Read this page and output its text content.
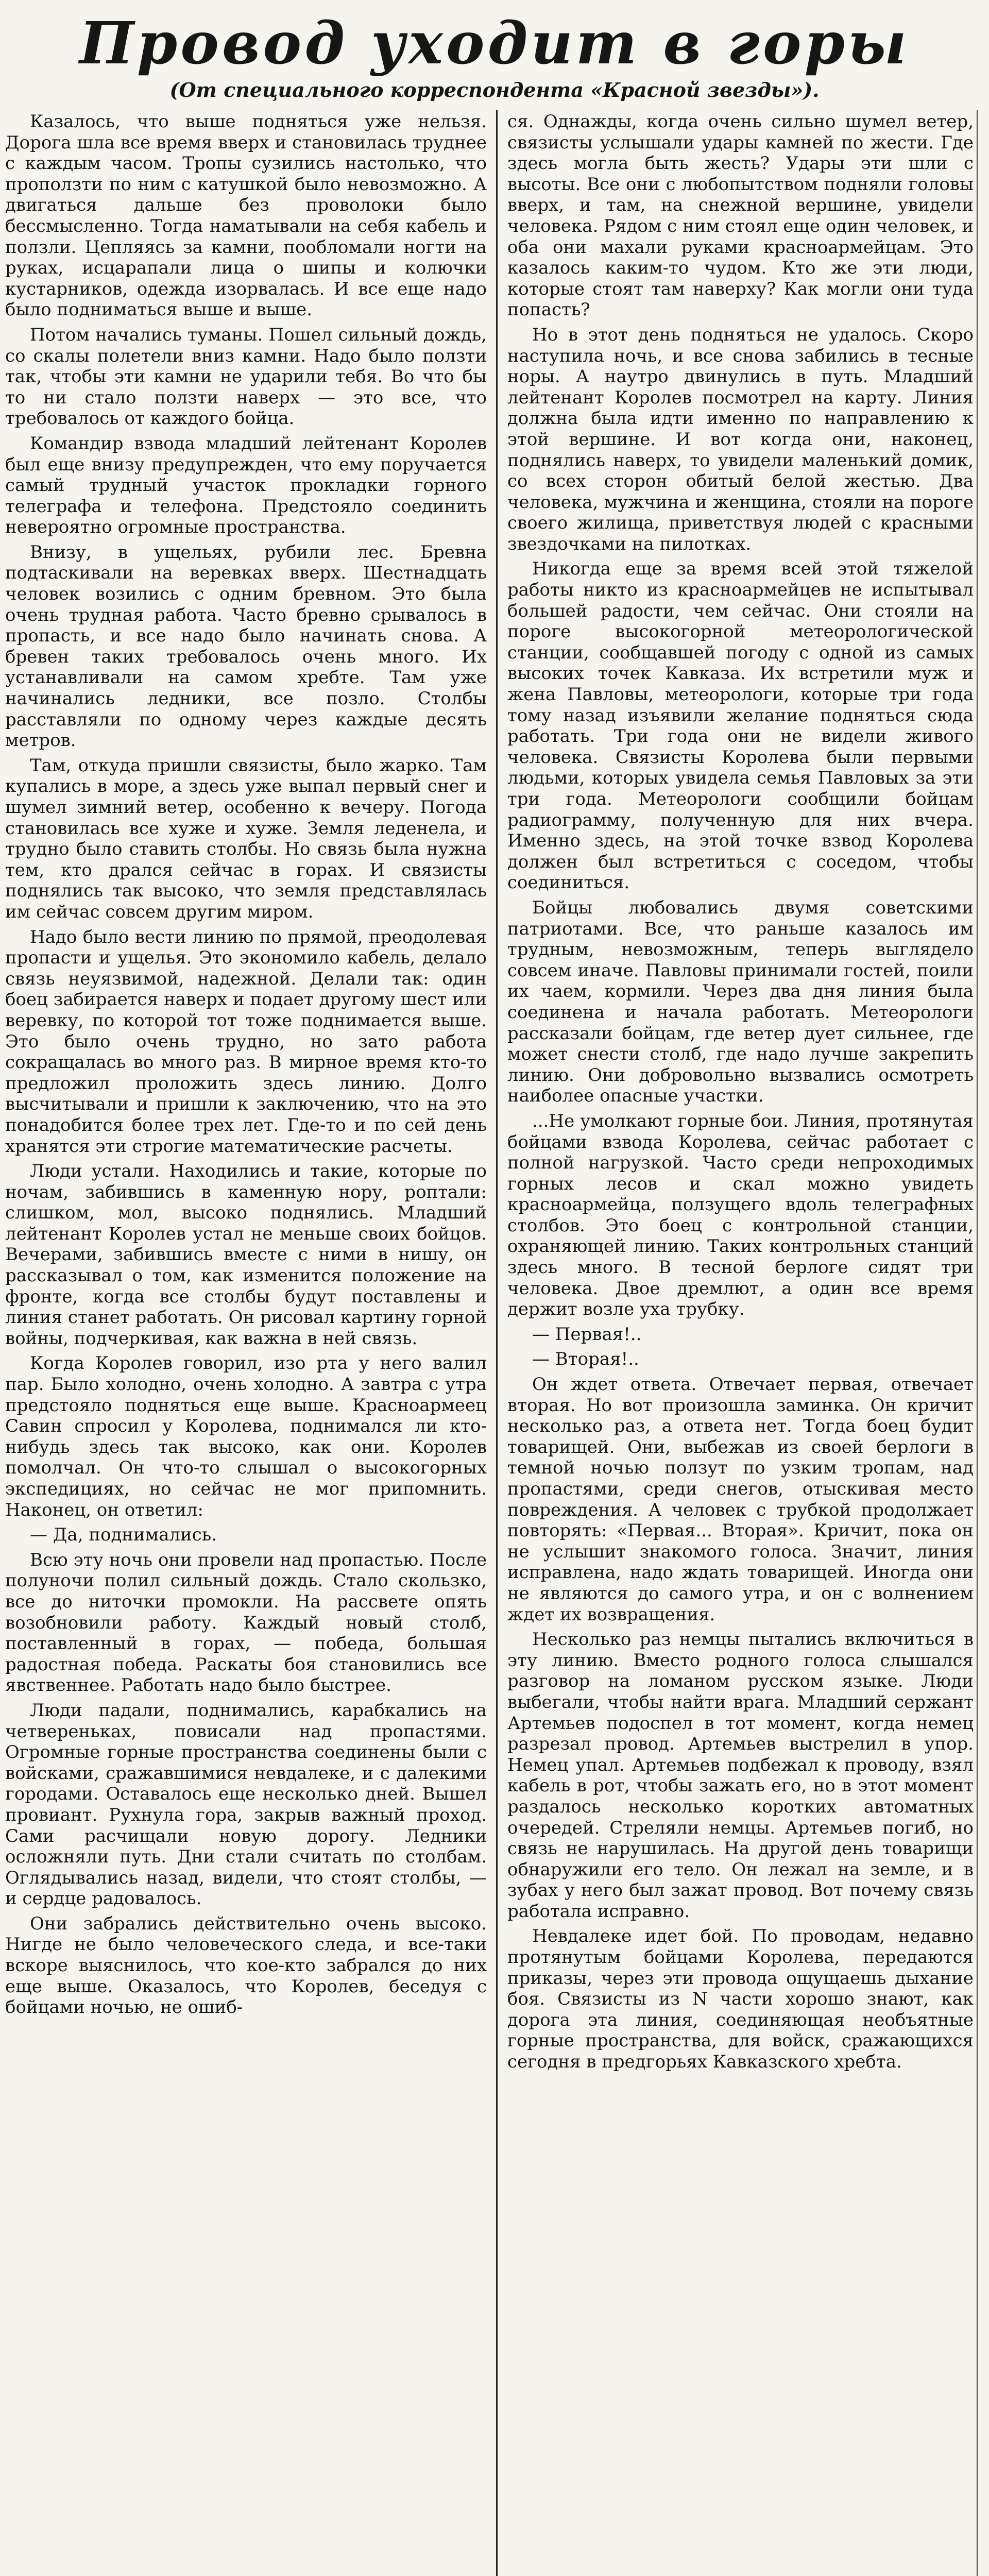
Провод уходит в горы

(От специального корреспондента «Красной звезды»).

Казалось, что выше подняться уже нельзя. Дорога шла все время вверх и становилась труднее с каждым часом. Тропы сузились настолько, что проползти по ним с катушкой было невозможно. А двигаться дальше без проволоки было бессмысленно. Тогда наматывали на себя кабель и ползли. Цепляясь за камни, пообломали ногти на руках, исцарапали лица о шипы и колючки кустарников, одежда изорвалась. И все еще надо было подниматься выше и выше.

Потом начались туманы. Пошел сильный дождь, со скалы полетели вниз камни. Надо было ползти так, чтобы эти камни не ударили тебя. Во что бы то ни стало ползти наверх — это все, что требовалось от каждого бойца.

Командир взвода младший лейтенант Королев был еще внизу предупрежден, что ему поручается самый трудный участок прокладки горного телеграфа и телефона. Предстояло соединить невероятно огромные пространства.

Внизу, в ущельях, рубили лес. Бревна подтаскивали на веревках вверх. Шестнадцать человек возились с одним бревном. Это была очень трудная работа. Часто бревно срывалось в пропасть, и все надо было начинать снова. А бревен таких требовалось очень много. Их устанавливали на самом хребте. Там уже начинались ледники, все позло. Столбы расставляли по одному через каждые десять метров.

Там, откуда пришли связисты, было жарко. Там купались в море, а здесь уже выпал первый снег и шумел зимний ветер, особенно к вечеру. Погода становилась все хуже и хуже. Земля леденела, и трудно было ставить столбы. Но связь была нужна тем, кто дрался сейчас в горах. И связисты поднялись так высоко, что земля представлялась им сейчас совсем другим миром.

Надо было вести линию по прямой, преодолевая пропасти и ущелья. Это экономило кабель, делало связь неуязвимой, надежной. Делали так: один боец забирается наверх и подает другому шест или веревку, по которой тот тоже поднимается выше. Это было очень трудно, но зато работа сокращалась во много раз. В мирное время кто-то предложил проложить здесь линию. Долго высчитывали и пришли к заключению, что на это понадобится более трех лет. Где-то и по сей день хранятся эти строгие математические расчеты.

Люди устали. Находились и такие, которые по ночам, забившись в каменную нору, роптали: слишком, мол, высоко поднялись. Младший лейтенант Королев устал не меньше своих бойцов. Вечерами, забившись вместе с ними в нишу, он рассказывал о том, как изменится положение на фронте, когда все столбы будут поставлены и линия станет работать. Он рисовал картину горной войны, подчеркивая, как важна в ней связь.

Когда Королев говорил, изо рта у него валил пар. Было холодно, очень холодно. А завтра с утра предстояло подняться еще выше. Красноармеец Савин спросил у Королева, поднимался ли кто-нибудь здесь так высоко, как они. Королев помолчал. Он что-то слышал о высокогорных экспедициях, но сейчас не мог припомнить. Наконец, он ответил:

— Да, поднимались.

Всю эту ночь они провели над пропастью. После полуночи полил сильный дождь. Стало скользко, все до ниточки промокли. На рассвете опять возобновили работу. Каждый новый столб, поставленный в горах, — победа, большая радостная победа. Раскаты боя становились все явственнее. Работать надо было быстрее.

Люди падали, поднимались, карабкались на четвереньках, повисали над пропастями. Огромные горные пространства соединены были с войсками, сражавшимися невдалеке, и с далекими городами. Оставалось еще несколько дней. Вышел провиант. Рухнула гора, закрыв важный проход. Сами расчищали новую дорогу. Ледники осложняли путь. Дни стали считать по столбам. Оглядывались назад, видели, что стоят столбы, — и сердце радовалось.

Они забрались действительно очень высоко. Нигде не было человеческого следа, и все-таки вскоре выяснилось, что кое-кто забрался до них еще выше. Оказалось, что Королев, беседуя с бойцами ночью, не ошиб-

ся. Однажды, когда очень сильно шумел ветер, связисты услышали удары камней по жести. Где здесь могла быть жесть? Удары эти шли с высоты. Все они с любопытством подняли головы вверх, и там, на снежной вершине, увидели человека. Рядом с ним стоял еще один человек, и оба они махали руками красноармейцам. Это казалось каким-то чудом. Кто же эти люди, которые стоят там наверху? Как могли они туда попасть?

Но в этот день подняться не удалось. Скоро наступила ночь, и все снова забились в тесные норы. А наутро двинулись в путь. Младший лейтенант Королев посмотрел на карту. Линия должна была идти именно по направлению к этой вершине. И вот когда они, наконец, поднялись наверх, то увидели маленький домик, со всех сторон обитый белой жестью. Два человека, мужчина и женщина, стояли на пороге своего жилища, приветствуя людей с красными звездочками на пилотках.

Никогда еще за время всей этой тяжелой работы никто из красноармейцев не испытывал большей радости, чем сейчас. Они стояли на пороге высокогорной метеорологической станции, сообщавшей погоду с одной из самых высоких точек Кавказа. Их встретили муж и жена Павловы, метеорологи, которые три года тому назад изъявили желание подняться сюда работать. Три года они не видели живого человека. Связисты Королева были первыми людьми, которых увидела семья Павловых за эти три года. Метеорологи сообщили бойцам радиограмму, полученную для них вчера. Именно здесь, на этой точке взвод Королева должен был встретиться с соседом, чтобы соединиться.

Бойцы любовались двумя советскими патриотами. Все, что раньше казалось им трудным, невозможным, теперь выглядело совсем иначе. Павловы принимали гостей, поили их чаем, кормили. Через два дня линия была соединена и начала работать. Метеорологи рассказали бойцам, где ветер дует сильнее, где может снести столб, где надо лучше закрепить линию. Они добровольно вызвались осмотреть наиболее опасные участки.

...Не умолкают горные бои. Линия, протянутая бойцами взвода Королева, сейчас работает с полной нагрузкой. Часто среди непроходимых горных лесов и скал можно увидеть красноармейца, ползущего вдоль телеграфных столбов. Это боец с контрольной станции, охраняющей линию. Таких контрольных станций здесь много. В тесной берлоге сидят три человека. Двое дремлют, а один все время держит возле уха трубку.

— Первая!..

— Вторая!..

Он ждет ответа. Отвечает первая, отвечает вторая. Но вот произошла заминка. Он кричит несколько раз, а ответа нет. Тогда боец будит товарищей. Они, выбежав из своей берлоги в темной ночью ползут по узким тропам, над пропастями, среди снегов, отыскивая место повреждения. А человек с трубкой продолжает повторять: «Первая... Вторая». Кричит, пока он не услышит знакомого голоса. Значит, линия исправлена, надо ждать товарищей. Иногда они не являются до самого утра, и он с волнением ждет их возвращения.

Несколько раз немцы пытались включиться в эту линию. Вместо родного голоса слышался разговор на ломаном русском языке. Люди выбегали, чтобы найти врага. Младший сержант Артемьев подоспел в тот момент, когда немец разрезал провод. Артемьев выстрелил в упор. Немец упал. Артемьев подбежал к проводу, взял кабель в рот, чтобы зажать его, но в этот момент раздалось несколько коротких автоматных очередей. Стреляли немцы. Артемьев погиб, но связь не нарушилась. На другой день товарищи обнаружили его тело. Он лежал на земле, и в зубах у него был зажат провод. Вот почему связь работала исправно.

Невдалеке идет бой. По проводам, недавно протянутым бойцами Королева, передаются приказы, через эти провода ощущаешь дыхание боя. Связисты из N части хорошо знают, как дорога эта линия, соединяющая необъятные горные пространства, для войск, сражающихся сегодня в предгорьях Кавказского хребта.
